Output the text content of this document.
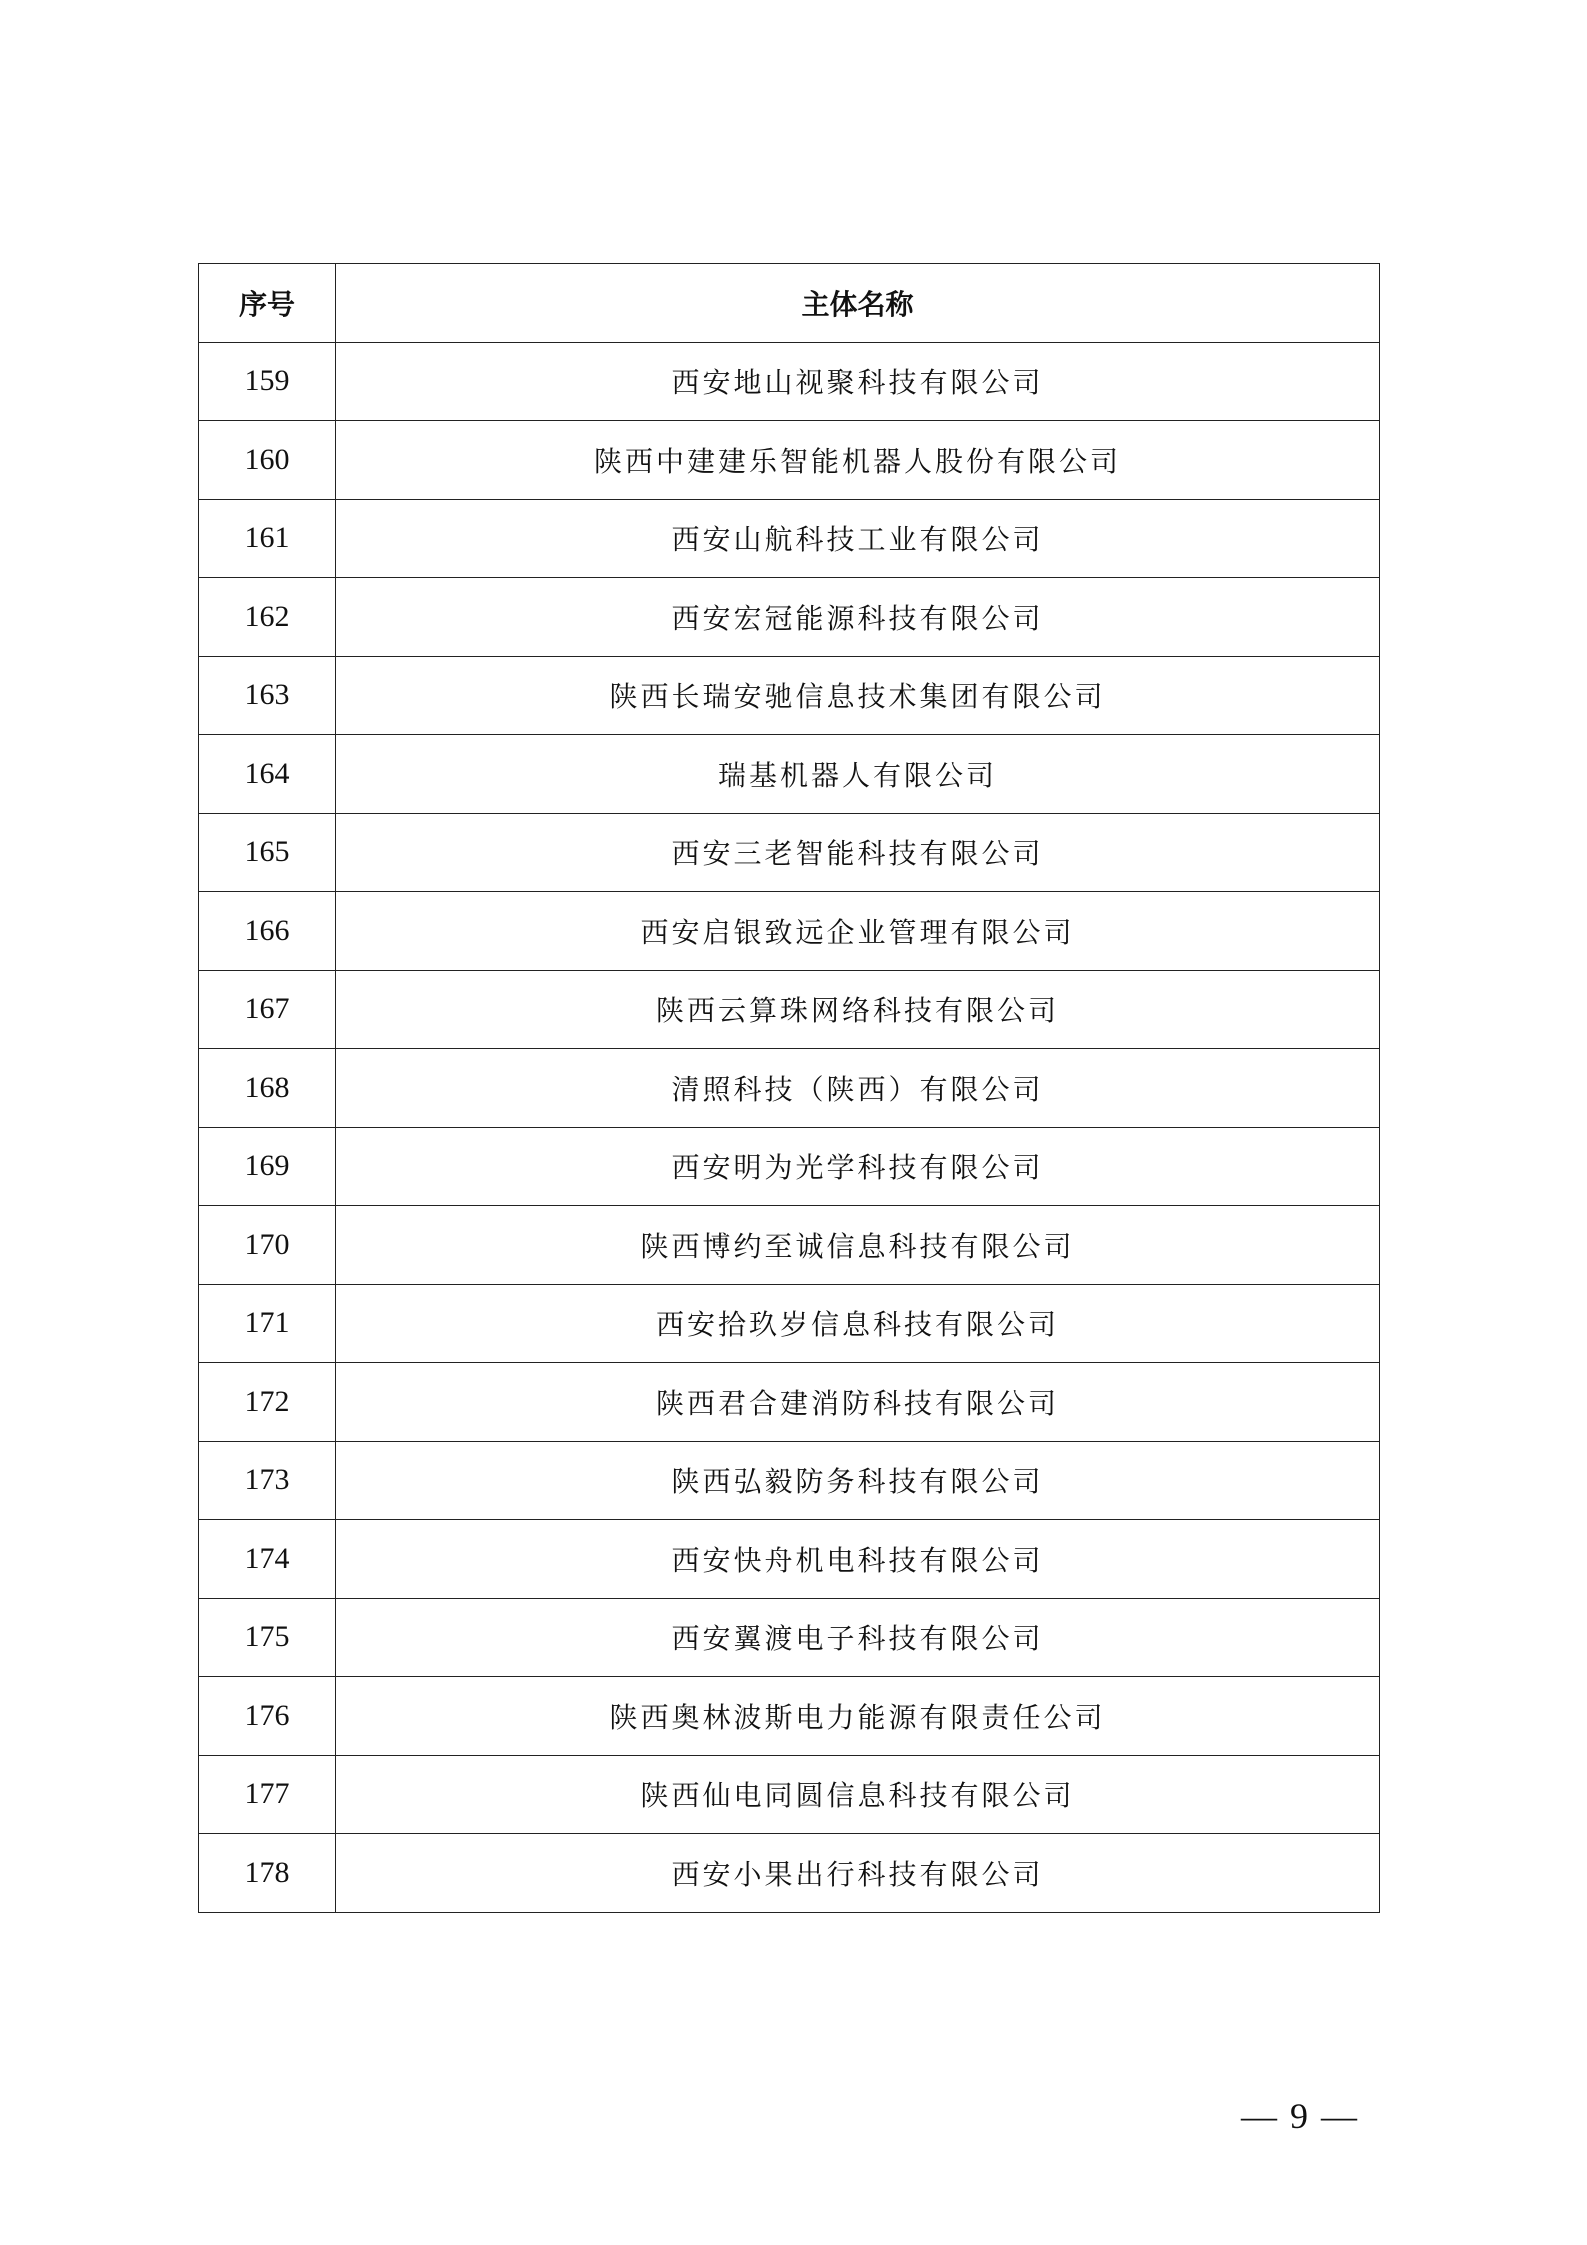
序号	主体名称
159	西安地山视聚科技有限公司
160	陕西中建建乐智能机器人股份有限公司
161	西安山航科技工业有限公司
162	西安宏冠能源科技有限公司
163	陕西长瑞安驰信息技术集团有限公司
164	瑞基机器人有限公司
165	西安三老智能科技有限公司
166	西安启银致远企业管理有限公司
167	陕西云算珠网络科技有限公司
168	清照科技（陕西）有限公司
169	西安明为光学科技有限公司
170	陕西博约至诚信息科技有限公司
171	西安拾玖岁信息科技有限公司
172	陕西君合建消防科技有限公司
173	陕西弘毅防务科技有限公司
174	西安快舟机电科技有限公司
175	西安翼渡电子科技有限公司
176	陕西奥林波斯电力能源有限责任公司
177	陕西仙电同圆信息科技有限公司
178	西安小果出行科技有限公司
— 9 —
